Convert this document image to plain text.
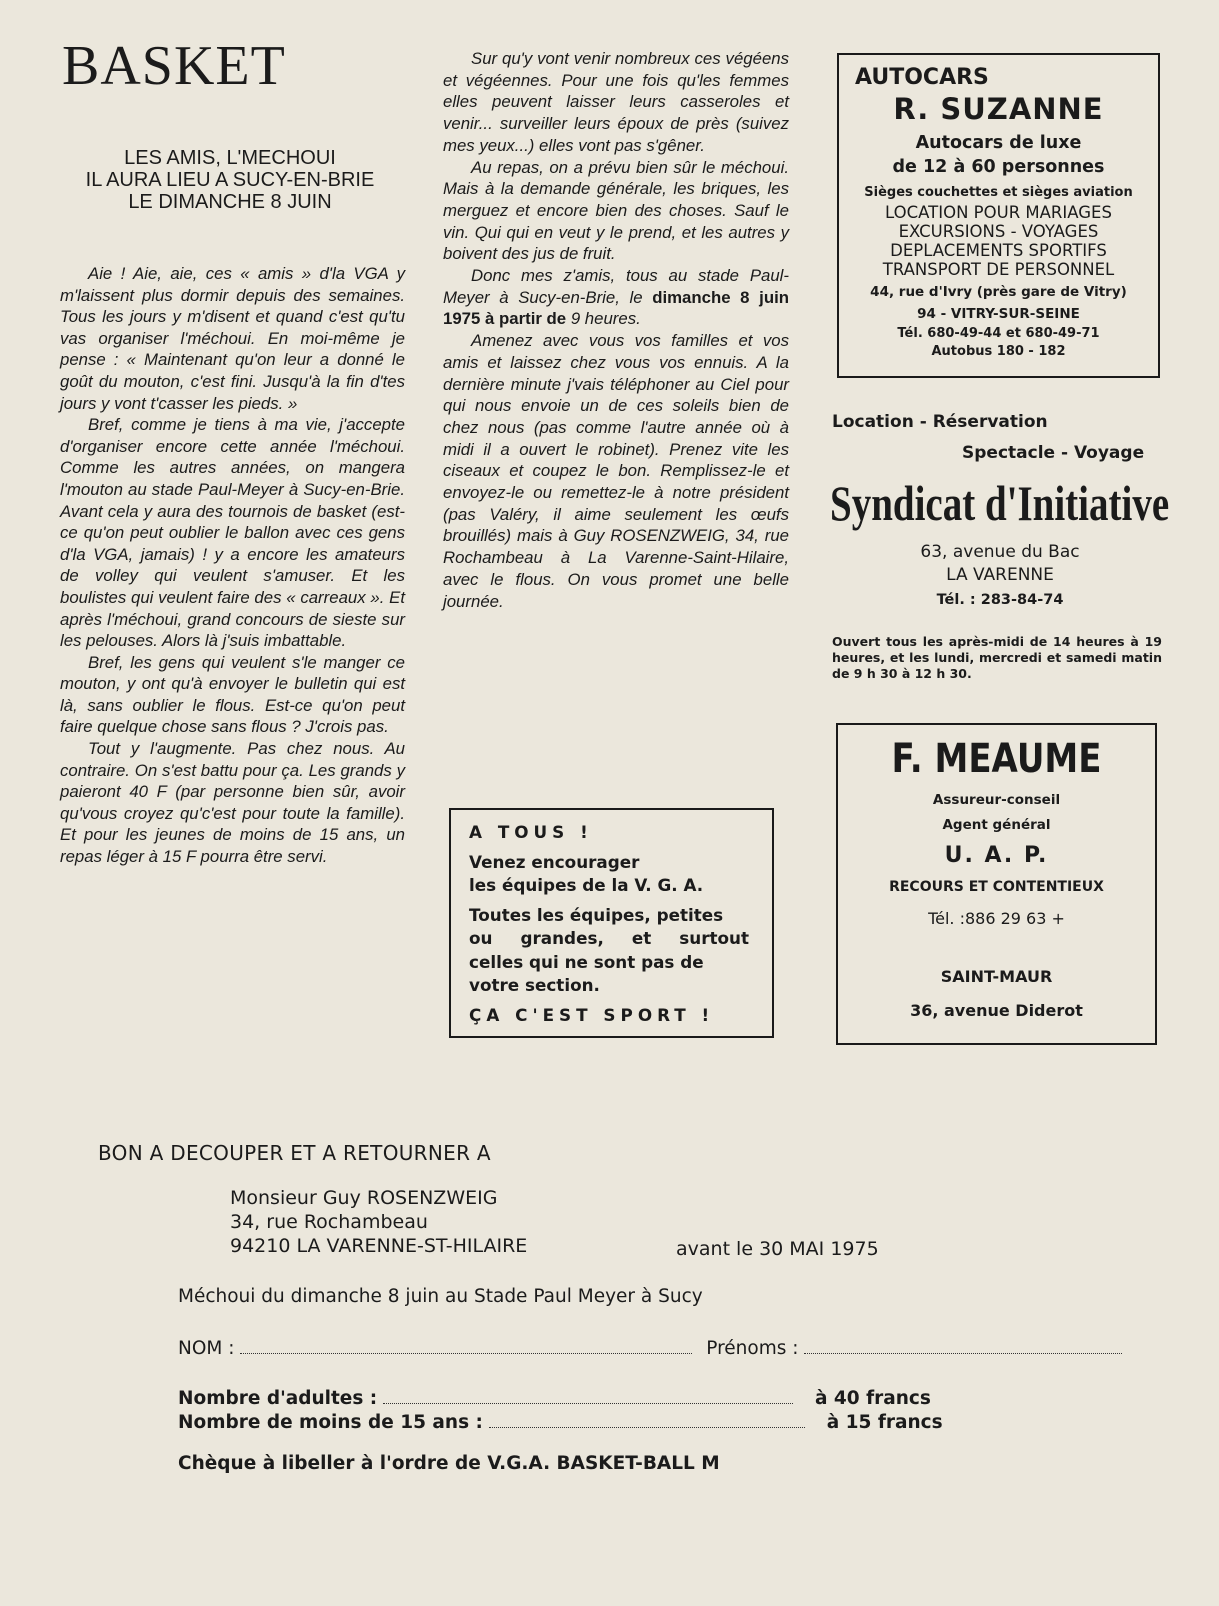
BASKET
LES AMIS, L'MECHOUI
IL AURA LIEU A SUCY-EN-BRIE
LE DIMANCHE 8 JUIN

Aie ! Aie, aie, ces « amis » d'la VGA y m'laissent plus dormir depuis des semaines. Tous les jours y m'disent et quand c'est qu'tu vas organiser l'méchoui. En moi-même je pense : « Maintenant qu'on leur a donné le goût du mouton, c'est fini. Jusqu'à la fin d'tes jours y vont t'casser les pieds. »

Bref, comme je tiens à ma vie, j'accepte d'organiser encore cette année l'méchoui. Comme les autres années, on mangera l'mouton au stade Paul-Meyer à Sucy-en-Brie. Avant cela y aura des tournois de basket (est-ce qu'on peut oublier le ballon avec ces gens d'la VGA, jamais) ! y a encore les amateurs de volley qui veulent s'amuser. Et les boulistes qui veulent faire des « carreaux ». Et après l'méchoui, grand concours de sieste sur les pelouses. Alors là j'suis imbattable.

Bref, les gens qui veulent s'le manger ce mouton, y ont qu'à envoyer le bulletin qui est là, sans oublier le flous. Est-ce qu'on peut faire quelque chose sans flous ? J'crois pas.

Tout y l'augmente. Pas chez nous. Au contraire. On s'est battu pour ça. Les grands y paieront 40 F (par personne bien sûr, avoir qu'vous croyez qu'c'est pour toute la famille). Et pour les jeunes de moins de 15 ans, un repas léger à 15 F pourra être servi.

Sur qu'y vont venir nombreux ces végéens et végéennes. Pour une fois qu'les femmes elles peuvent laisser leurs casseroles et venir... surveiller leurs époux de près (suivez mes yeux...) elles vont pas s'gêner.

Au repas, on a prévu bien sûr le méchoui. Mais à la demande générale, les briques, les merguez et encore bien des choses. Sauf le vin. Qui qui en veut y le prend, et les autres y boivent des jus de fruit.

Donc mes z'amis, tous au stade Paul-Meyer à Sucy-en-Brie, le dimanche 8 juin 1975 à partir de 9 heures.

Amenez avec vous vos familles et vos amis et laissez chez vous vos ennuis. A la dernière minute j'vais téléphoner au Ciel pour qui nous envoie un de ces soleils bien de chez nous (pas comme l'autre année où à midi il a ouvert le robinet). Prenez vite les ciseaux et coupez le bon. Remplissez-le et envoyez-le ou remettez-le à notre président (pas Valéry, il aime seulement les œufs brouillés) mais à Guy ROSENZWEIG, 34, rue Rochambeau à La Varenne-Saint-Hilaire, avec le flous. On vous promet une belle journée.

A TOUS !
Venez encourager
les équipes de la V. G. A.
Toutes les équipes, petites
ou grandes, et surtout
celles qui ne sont pas de
votre section.
ÇA C'EST SPORT !
AUTOCARS
R. SUZANNE
Autocars de luxe
de 12 à 60 personnes
Sièges couchettes et sièges aviation
LOCATION POUR MARIAGES
EXCURSIONS - VOYAGES
DEPLACEMENTS SPORTIFS
TRANSPORT DE PERSONNEL
44, rue d'Ivry (près gare de Vitry)
94 - VITRY-SUR-SEINE
Tél. 680-49-44 et 680-49-71
Autobus 180 - 182
Location - Réservation
Spectacle - Voyage
Syndicat d'Initiative
63, avenue du Bac
LA VARENNE
Tél. : 283-84-74
Ouvert tous les après-midi de 14 heures à 19 heures, et les lundi, mercredi et samedi matin de 9 h 30 à 12 h 30.
F. MEAUME
Assureur-conseil
Agent général
U. A. P.
RECOURS ET CONTENTIEUX
Tél. :886 29 63 +
SAINT-MAUR
36, avenue Diderot
BON A DECOUPER ET A RETOURNER A
Monsieur Guy ROSENZWEIG
34, rue Rochambeau
94210 LA VARENNE-ST-HILAIRE	avant le 30 MAI 1975
Méchoui du dimanche 8 juin au Stade Paul Meyer à Sucy
NOM :	Prénoms :
Nombre d'adultes :	à 40 francs
Nombre de moins de 15 ans :	à 15 francs
Chèque à libeller à l'ordre de V.G.A. BASKET-BALL M
